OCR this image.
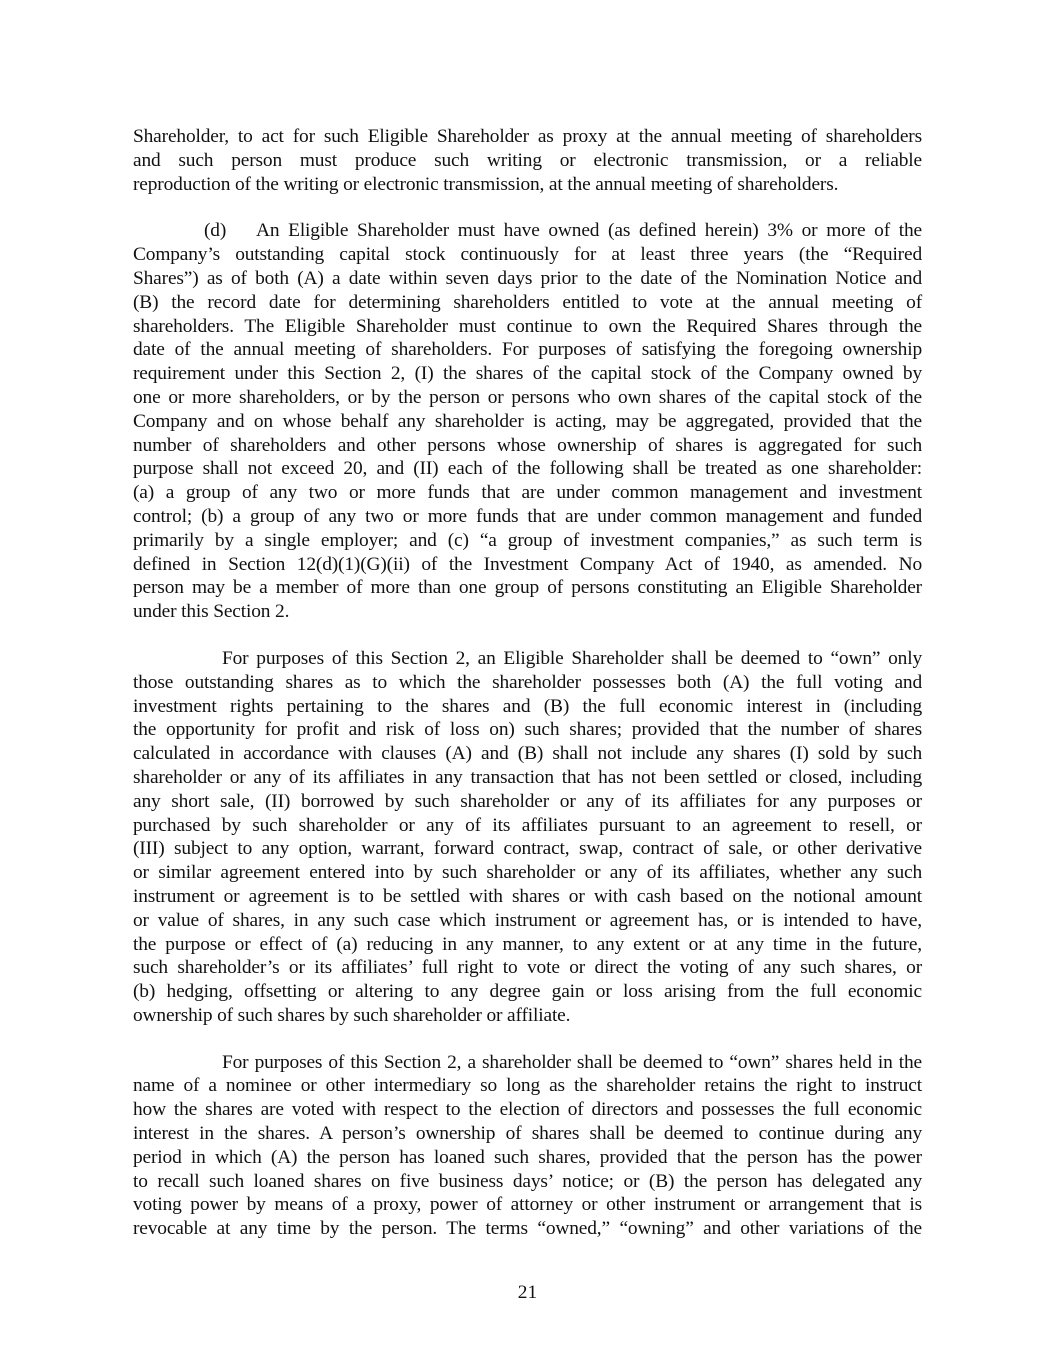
Shareholder, to act for such Eligible Shareholder as proxy at the annual meeting of shareholders
and such person must produce such writing or electronic transmission, or a reliable
reproduction of the writing or electronic transmission, at the annual meeting of shareholders.
(d) An Eligible Shareholder must have owned (as defined herein) 3% or more of the
Company’s outstanding capital stock continuously for at least three years (the “Required
Shares”) as of both (A) a date within seven days prior to the date of the Nomination Notice and
(B) the record date for determining shareholders entitled to vote at the annual meeting of
shareholders. The Eligible Shareholder must continue to own the Required Shares through the
date of the annual meeting of shareholders. For purposes of satisfying the foregoing ownership
requirement under this Section 2, (I) the shares of the capital stock of the Company owned by
one or more shareholders, or by the person or persons who own shares of the capital stock of the
Company and on whose behalf any shareholder is acting, may be aggregated, provided that the
number of shareholders and other persons whose ownership of shares is aggregated for such
purpose shall not exceed 20, and (II) each of the following shall be treated as one shareholder:
(a) a group of any two or more funds that are under common management and investment
control; (b) a group of any two or more funds that are under common management and funded
primarily by a single employer; and (c) “a group of investment companies,” as such term is
defined in Section 12(d)(1)(G)(ii) of the Investment Company Act of 1940, as amended. No
person may be a member of more than one group of persons constituting an Eligible Shareholder
under this Section 2.
For purposes of this Section 2, an Eligible Shareholder shall be deemed to “own” only
those outstanding shares as to which the shareholder possesses both (A) the full voting and
investment rights pertaining to the shares and (B) the full economic interest in (including
the opportunity for profit and risk of loss on) such shares; provided that the number of shares
calculated in accordance with clauses (A) and (B) shall not include any shares (I) sold by such
shareholder or any of its affiliates in any transaction that has not been settled or closed, including
any short sale, (II) borrowed by such shareholder or any of its affiliates for any purposes or
purchased by such shareholder or any of its affiliates pursuant to an agreement to resell, or
(III) subject to any option, warrant, forward contract, swap, contract of sale, or other derivative
or similar agreement entered into by such shareholder or any of its affiliates, whether any such
instrument or agreement is to be settled with shares or with cash based on the notional amount
or value of shares, in any such case which instrument or agreement has, or is intended to have,
the purpose or effect of (a) reducing in any manner, to any extent or at any time in the future,
such shareholder’s or its affiliates’ full right to vote or direct the voting of any such shares, or
(b) hedging, offsetting or altering to any degree gain or loss arising from the full economic
ownership of such shares by such shareholder or affiliate.
For purposes of this Section 2, a shareholder shall be deemed to “own” shares held in the
name of a nominee or other intermediary so long as the shareholder retains the right to instruct
how the shares are voted with respect to the election of directors and possesses the full economic
interest in the shares. A person’s ownership of shares shall be deemed to continue during any
period in which (A) the person has loaned such shares, provided that the person has the power
to recall such loaned shares on five business days’ notice; or (B) the person has delegated any
voting power by means of a proxy, power of attorney or other instrument or arrangement that is
revocable at any time by the person. The terms “owned,” “owning” and other variations of the
21
